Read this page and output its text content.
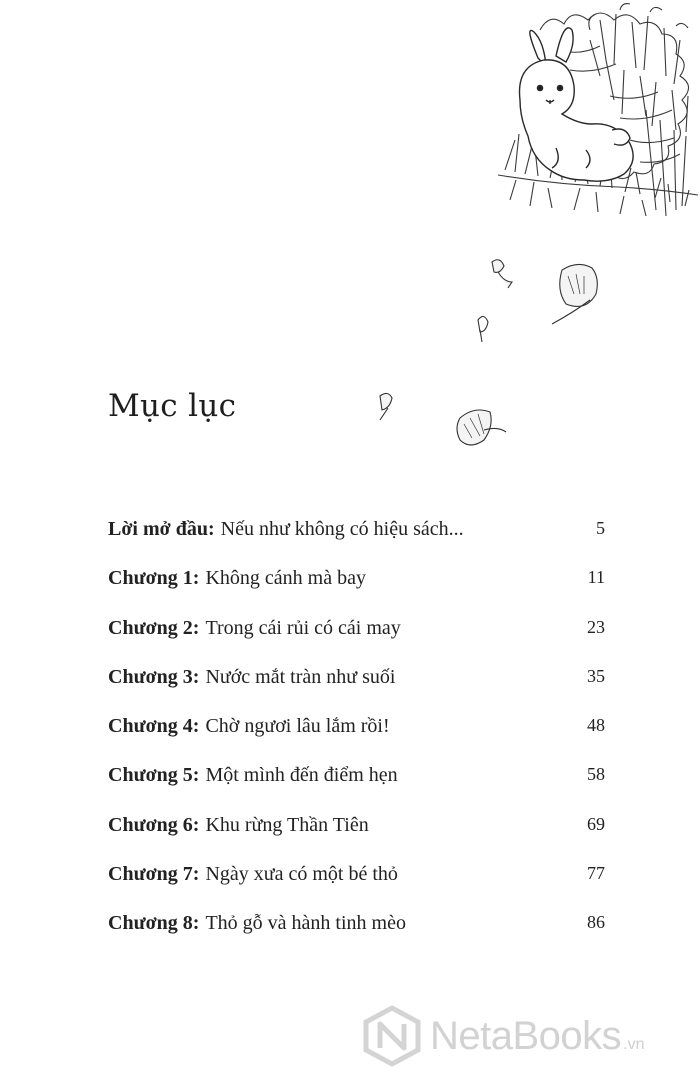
Mục lục
Lời mở đầu : Nếu như không có hiệu sách...	5
Chương 1 : Không cánh mà bay	11
Chương 2 : Trong cái rủi có cái may	23
Chương 3 : Nước mắt tràn như suối	35
Chương 4 : Chờ ngươi lâu lắm rồi!	48
Chương 5 : Một mình đến điểm hẹn	58
Chương 6 : Khu rừng Thần Tiên	69
Chương 7 : Ngày xưa có một bé thỏ	77
Chương 8 : Thỏ gỗ và hành tinh mèo	86
NetaBooks .vn
